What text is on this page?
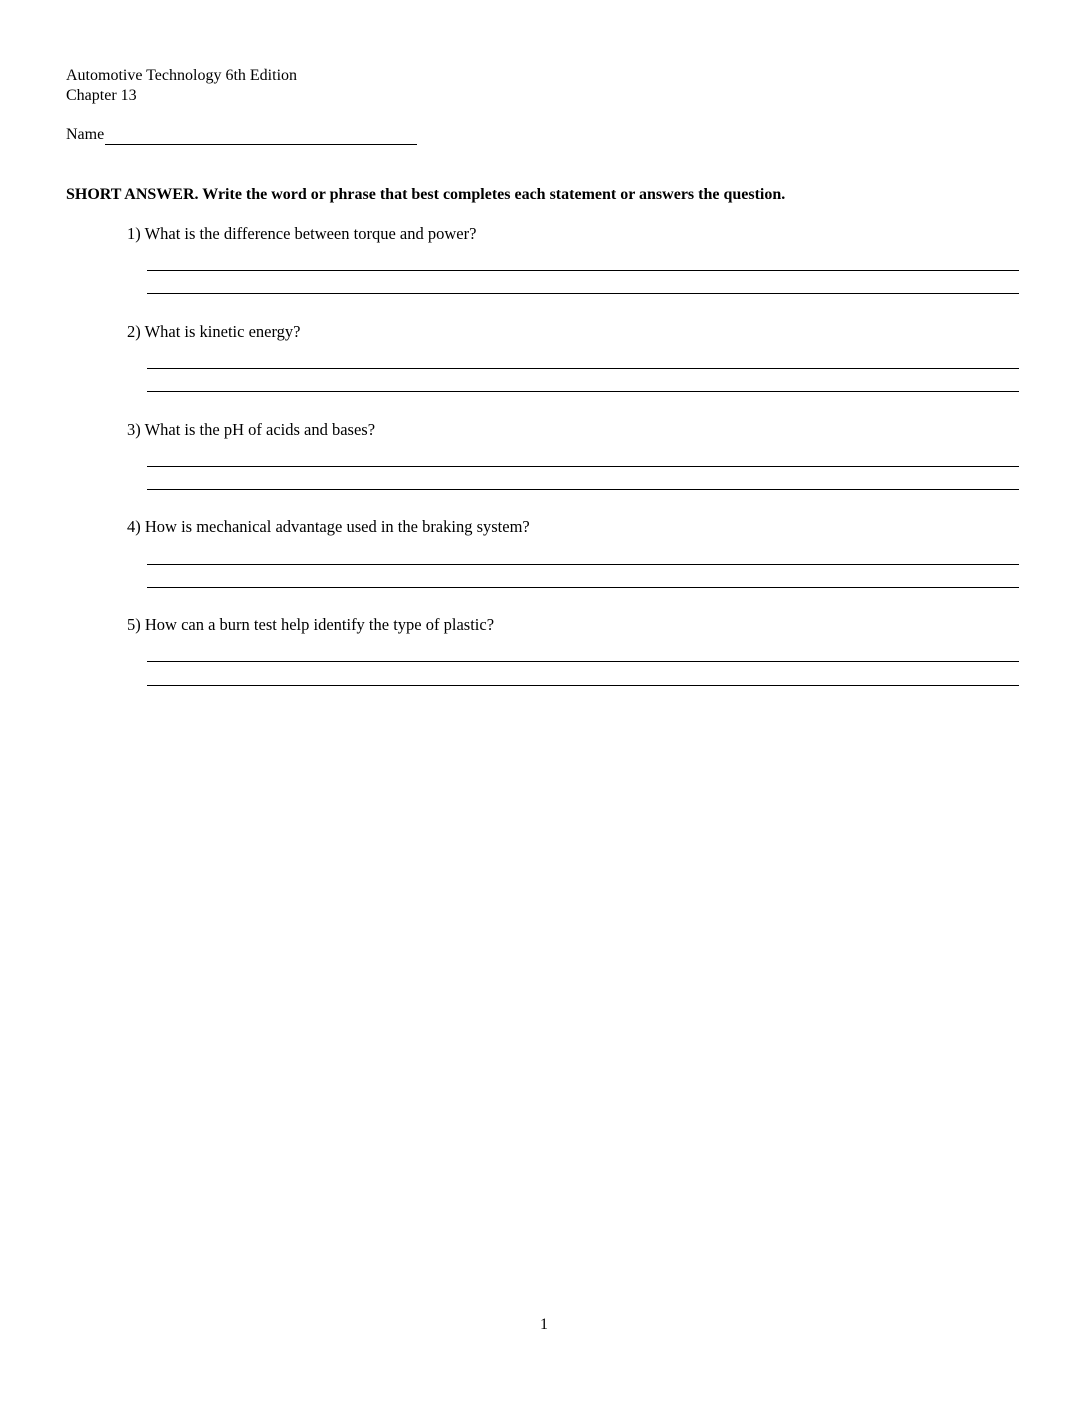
Automotive Technology 6th Edition
Chapter 13
Name
SHORT ANSWER. Write the word or phrase that best completes each statement or answers the question.
1) What is the difference between torque and power?
2) What is kinetic energy?
3) What is the pH of acids and bases?
4) How is mechanical advantage used in the braking system?
5) How can a burn test help identify the type of plastic?
1
